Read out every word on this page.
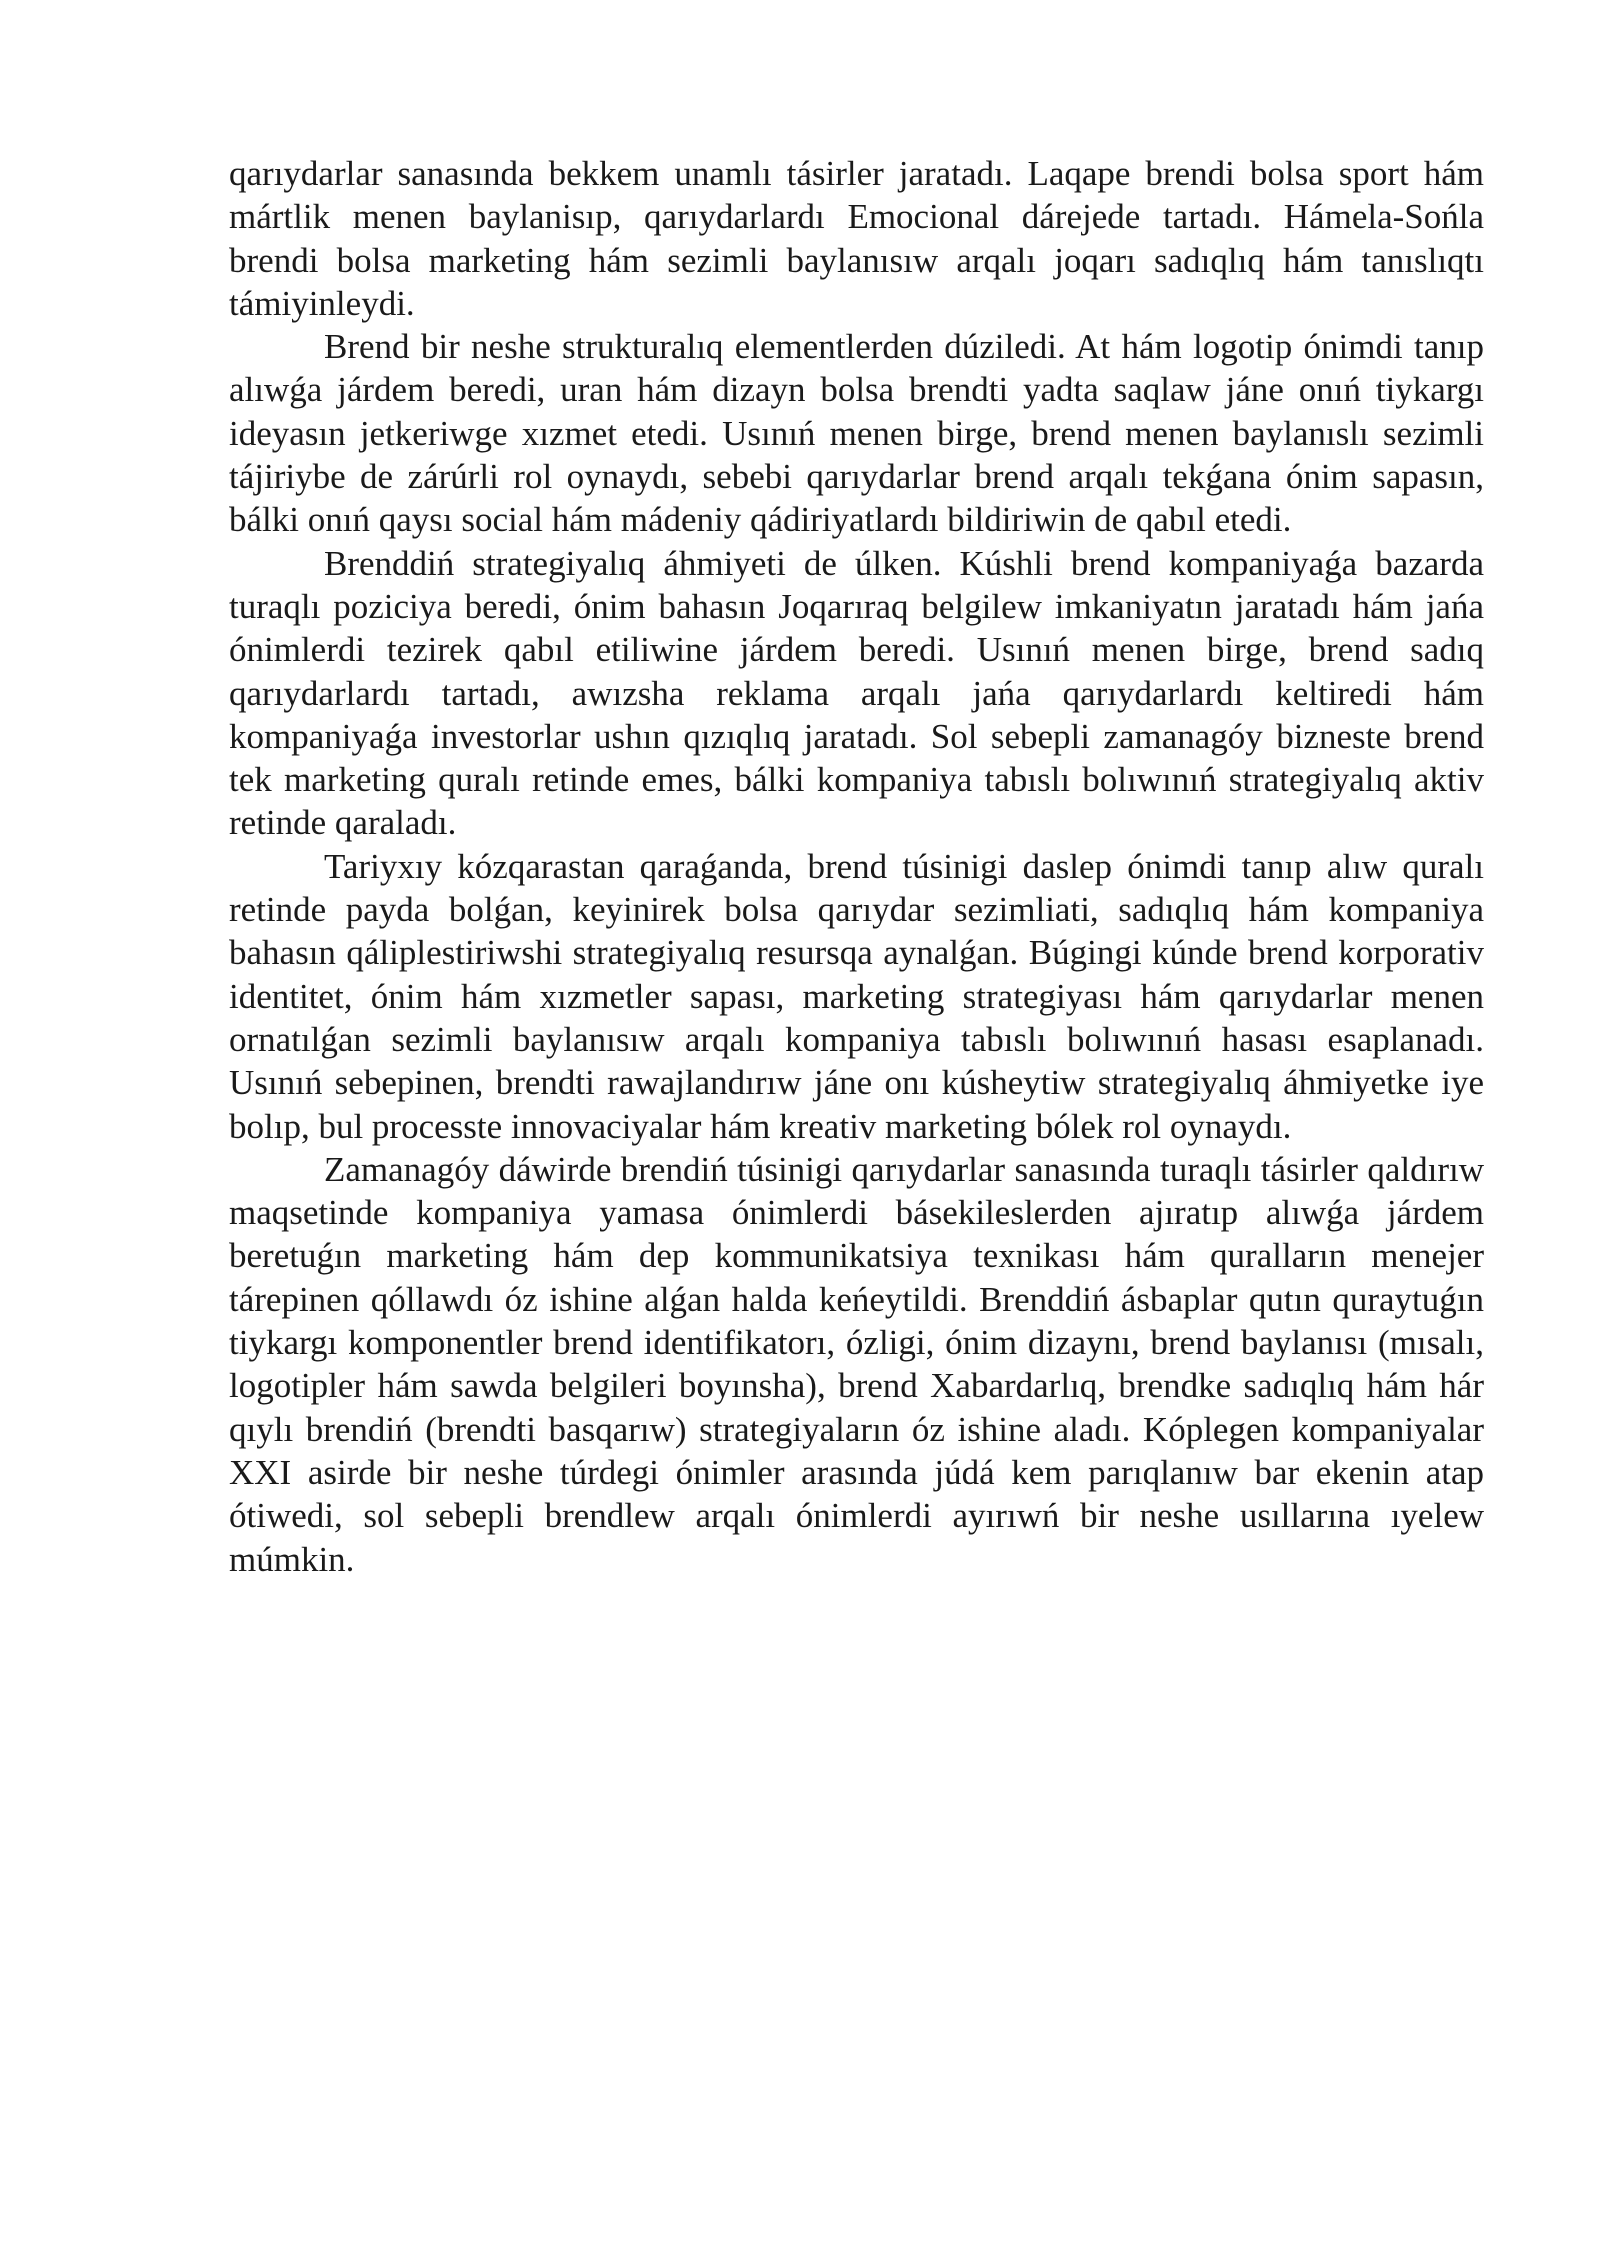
qarıydarlar sanasında bekkem unamlı tásirler jaratadı. Laqape brendi bolsa sport hám mártlik menen baylanisıp, qarıydarlardı Emocional dárejede tartadı. Hámela-Sońla brendi bolsa marketing hám sezimli baylanısıw arqalı joqarı sadıqlıq hám tanıslıqtı támiyinleydi.

Brend bir neshe strukturalıq elementlerden dúziledi. At hám logotip ónimdi tanıp alıwǵa járdem beredi, uran hám dizayn bolsa brendti yadta saqlaw jáne onıń tiykargı ideyasın jetkeriwge xızmet etedi. Usınıń menen birge, brend menen baylanıslı sezimli tájiriybe de zárúrli rol oynaydı, sebebi qarıydarlar brend arqalı tekǵana ónim sapasın, bálki onıń qaysı social hám mádeniy qádiriyatlardı bildiriwin de qabıl etedi.

Brenddiń strategiyalıq áhmiyeti de úlken. Kúshli brend kompaniyaǵa bazarda turaqlı poziciya beredi, ónim bahasın Joqarıraq belgilew imkaniyatın jaratadı hám jańa ónimlerdi tezirek qabıl etiliwine járdem beredi. Usınıń menen birge, brend sadıq qarıydarlardı tartadı, awızsha reklama arqalı jańa qarıydarlardı keltiredi hám kompaniyaǵa investorlar ushın qızıqlıq jaratadı. Sol sebepli zamanagóy bizneste brend tek marketing quralı retinde emes, bálki kompaniya tabıslı bolıwınıń strategiyalıq aktiv retinde qaraladı.

Tariyxıy kózqarastan qaraǵanda, brend túsinigi daslep ónimdi tanıp alıw quralı retinde payda bolǵan, keyinirek bolsa qarıydar sezimliati, sadıqlıq hám kompaniya bahasın qáliplestiriwshi strategiyalıq resursqa aynalǵan. Búgingi kúnde brend korporativ identitet, ónim hám xızmetler sapası, marketing strategiyası hám qarıydarlar menen ornatılǵan sezimli baylanısıw arqalı kompaniya tabıslı bolıwınıń hasası esaplanadı. Usınıń sebepinen, brendti rawajlandırıw jáne onı kúsheytiw strategiyalıq áhmiyetke iye bolıp, bul processte innovaciyalar hám kreativ marketing bólek rol oynaydı.

Zamanagóy dáwirde brendiń túsinigi qarıydarlar sanasında turaqlı tásirler qaldırıw maqsetinde kompaniya yamasa ónimlerdi básekileslerden ajıratıp alıwǵa járdem beretuǵın marketing hám dep kommunikatsiya texnikası hám quralların menejer tárepinen qóllawdı óz ishine alǵan halda keńeytildi. Brenddiń ásbaplar qutın quraytuǵın tiykargı komponentler brend identifikatorı, ózligi, ónim dizaynı, brend baylanısı (mısalı, logotipler hám sawda belgileri boyınsha), brend Xabardarlıq, brendke sadıqlıq hám hár qıylı brendiń (brendti basqarıw) strategiyaların óz ishine aladı. Kóplegen kompaniyalar XXI asirde bir neshe túrdegi ónimler arasında júdá kem parıqlanıw bar ekenin atap ótiwedi, sol sebepli brendlew arqalı ónimlerdi ayırıwń bir neshe usıllarına ıyelew múmkin.
